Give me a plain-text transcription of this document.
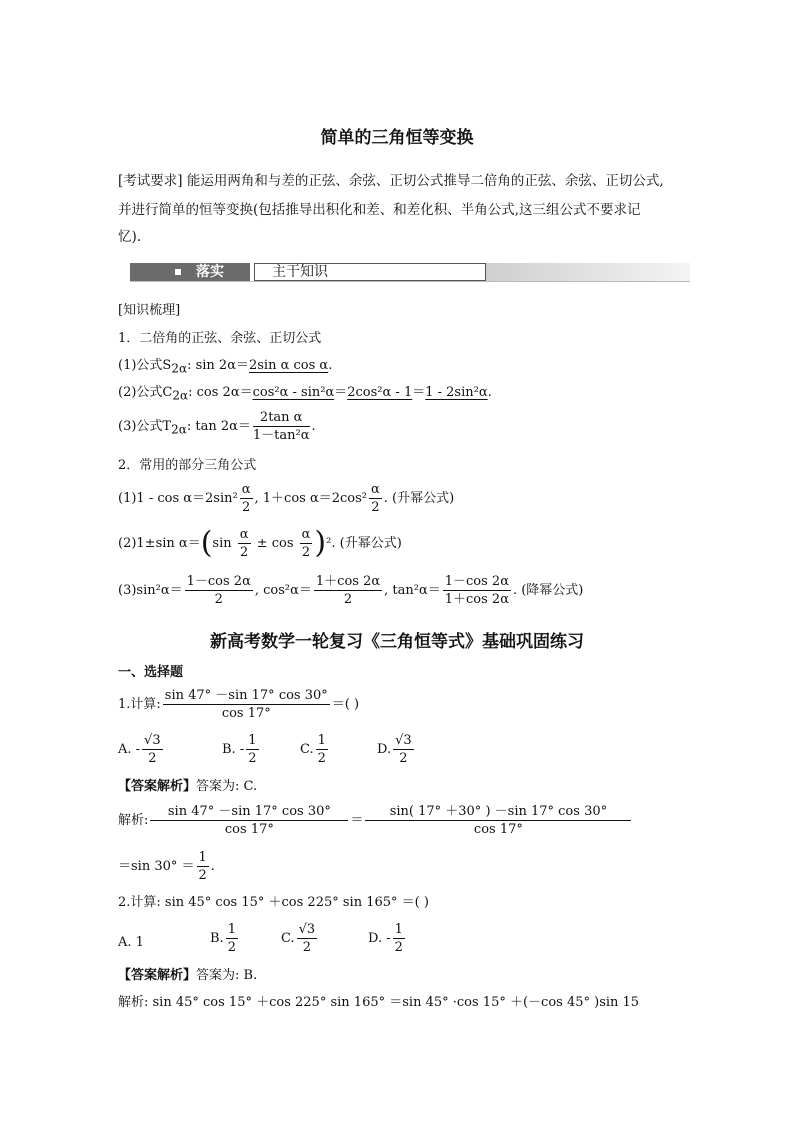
简单的三角恒等变换
[考试要求] 能运用两角和与差的正弦、余弦、正切公式推导二倍角的正弦、余弦、正切公式,
并进行简单的恒等变换(包括推导出积化和差、和差化积、半角公式,这三组公式不要求记
忆).
落实	主干知识
[知识梳理]
1．二倍角的正弦、余弦、正切公式
(1)公式$S_{2\alpha}$: sin 2α＝2sin α cos α.
(2)公式$C_{2\alpha}$: cos 2α＝cos²α - sin²α＝2cos²α - 1＝1 - 2sin²α.
(3)公式$T_{2\alpha}$: $\tan 2\alpha= \frac{\text{2tan α}}{\text{1－tan²α}}$ .
2．常用的部分三角公式
$(1)1 - \cos \alpha=2\sin^2 \frac{\alpha}{2}$ , 1＋cos $\alpha=2\cos^2 \frac{\alpha}{2}$ . (升幂公式)
(2)1±sin $\alpha=(\sin \frac{\alpha}{2} \pm \cos \frac{\alpha}{2} )^2$. (升幂公式)
$(3)\sin^2\alpha= \frac{1-\cos 2\alpha}{2}$ , $\cos^2\alpha= \frac{1+\cos 2\alpha}{2}$ , $\tan^2\alpha= \frac{1-\cos 2\alpha}{1+\cos 2\alpha}$ . (降幂公式)
新高考数学一轮复习《三角恒等式》基础巩固练习
一、选择题
1.计算: $\frac{\sin 47^\circ -\sin 17^\circ \cos 30^\circ}{\cos 17^\circ}$ ＝( )
A. - $\frac{√3}{2}$	B. - $\frac{1}{2}$	C. $\frac{1}{2}$	D. $\frac{√3}{2}$
【答案解析】答案为: C.
解析: $\frac{\sin 47^\circ -\sin 17^\circ \cos 30^\circ}{\cos 17^\circ} = \frac{\sin( 17^\circ +30^\circ ) -\sin 17^\circ \cos 30^\circ}{\cos 17^\circ}$
＝sin $30^\circ = \frac{1}{2}$ .
2.计算: sin 45° cos 15° ＋cos 225° sin 165° ＝( )
A. 1	B. $\frac{1}{2}$	C. $\frac{√3}{2}$	D. - $\frac{1}{2}$
【答案解析】答案为: B.
解析: sin 45° cos 15° ＋cos 225° sin 165° ＝sin 45° ·cos 15° ＋(－cos 45° )sin 15
